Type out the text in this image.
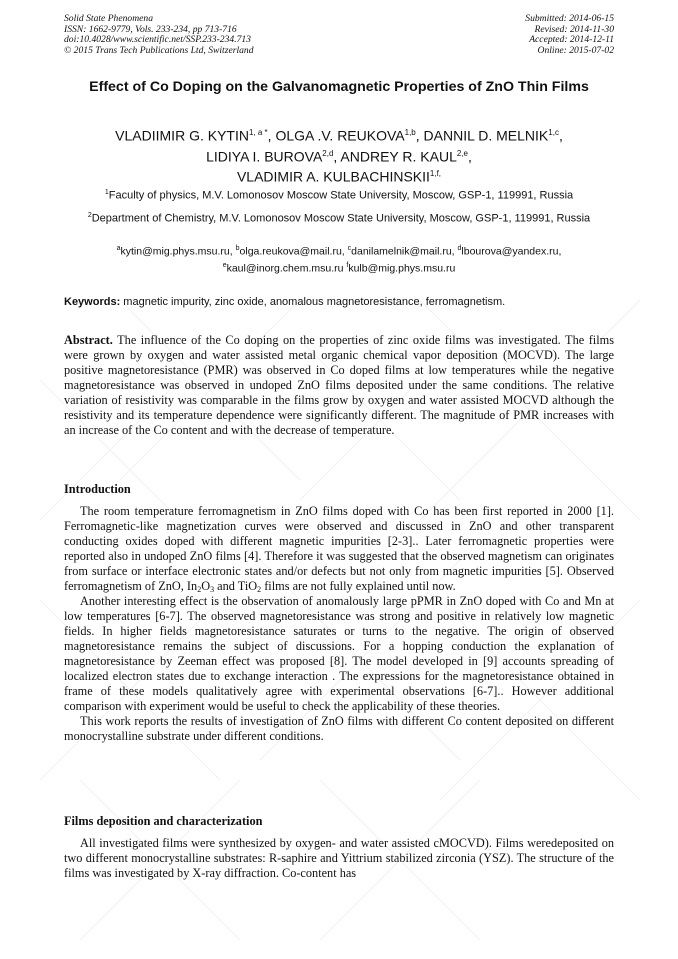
Solid State Phenomena
ISSN: 1662-9779, Vols. 233-234, pp 713-716
doi:10.4028/www.scientific.net/SSP.233-234.713
© 2015 Trans Tech Publications Ltd, Switzerland
Submitted: 2014-06-15
Revised: 2014-11-30
Accepted: 2014-12-11
Online: 2015-07-02
Effect of Co Doping on the Galvanomagnetic Properties of ZnO Thin Films
VLADIIMIR G. $KYTIN^{1, a *}$, OLGA .V. REUKOVA$^{1,b}$, DANNIL D. MELNIK$^{1,c}$,
LIDIYA I. BUROVA$^{2,d}$, ANDREY R. KAUL$^{2,e}$,
VLADIMIR A. $KULBACHINSKII^{1,f,}$
$^1$Faculty of physics, M.V. Lomonosov Moscow State University, Moscow, GSP-1, 119991, Russia
$^2$Department of Chemistry, M.V. Lomonosov Moscow State University, Moscow, GSP-1, 119991, Russia
$^a$kytin@mig.phys.msu.ru, $^b$olga.reukova@mail.ru, $^c$danilamelnik@mail.ru, $^d$lbourova@yandex.ru,
$^e$kaul@inorg.chem.msu.ru $^f$kulb@mig.phys.msu.ru
Keywords: magnetic impurity, zinc oxide, anomalous magnetoresistance, ferromagnetism.
Abstract. The influence of the Co doping on the properties of zinc oxide films was investigated. The films were grown by oxygen and water assisted metal organic chemical vapor deposition (MOCVD). The large positive magnetoresistance (PMR) was observed in Co doped films at low temperatures while the negative magnetoresistance was observed in undoped ZnO films deposited under the same conditions. The relative variation of resistivity was comparable in the films grow by oxygen and water assisted MOCVD although the resistivity and its temperature dependence were significantly different. The magnitude of PMR increases with an increase of the Co content and with the decrease of temperature.
Introduction

The room temperature ferromagnetism in ZnO films doped with Co has been first reported in 2000 [1]. Ferromagnetic-like magnetization curves were observed and discussed in ZnO and other transparent conducting oxides doped with different magnetic impurities [2-3].. Later ferromagnetic properties were reported also in undoped ZnO films [4]. Therefore it was suggested that the observed magnetism can originates from surface or interface electronic states and/or defects but not only from magnetic impurities [5]. Observed ferromagnetism of ZnO, $In_2O_3$ and TiO$_2$ films are not fully explained until now.

Another interesting effect is the observation of anomalously large pPMR in ZnO doped with Co and Mn at low temperatures [6-7]. The observed magnetoresistance was strong and positive in relatively low magnetic fields. In higher fields magnetoresistance saturates or turns to the negative. The origin of observed magnetoresistance remains the subject of discussions. For a hopping conduction the explanation of magnetoresistance by Zeeman effect was proposed [8]. The model developed in [9] accounts spreading of localized electron states due to exchange interaction . The expressions for the magnetoresistance obtained in frame of these models qualitatively agree with experimental observations [6-7].. However additional comparison with experiment would be useful to check the applicability of these theories.

This work reports the results of investigation of ZnO films with different Co content deposited on different monocrystalline substrate under different conditions.

Films deposition and characterization

All investigated films were synthesized by oxygen- and water assisted cMOCVD). Films weredeposited on two different monocrystalline substrates: R-saphire and Yittrium stabilized zirconia (YSZ). The structure of the films was investigated by X-ray diffraction. Co-content has
